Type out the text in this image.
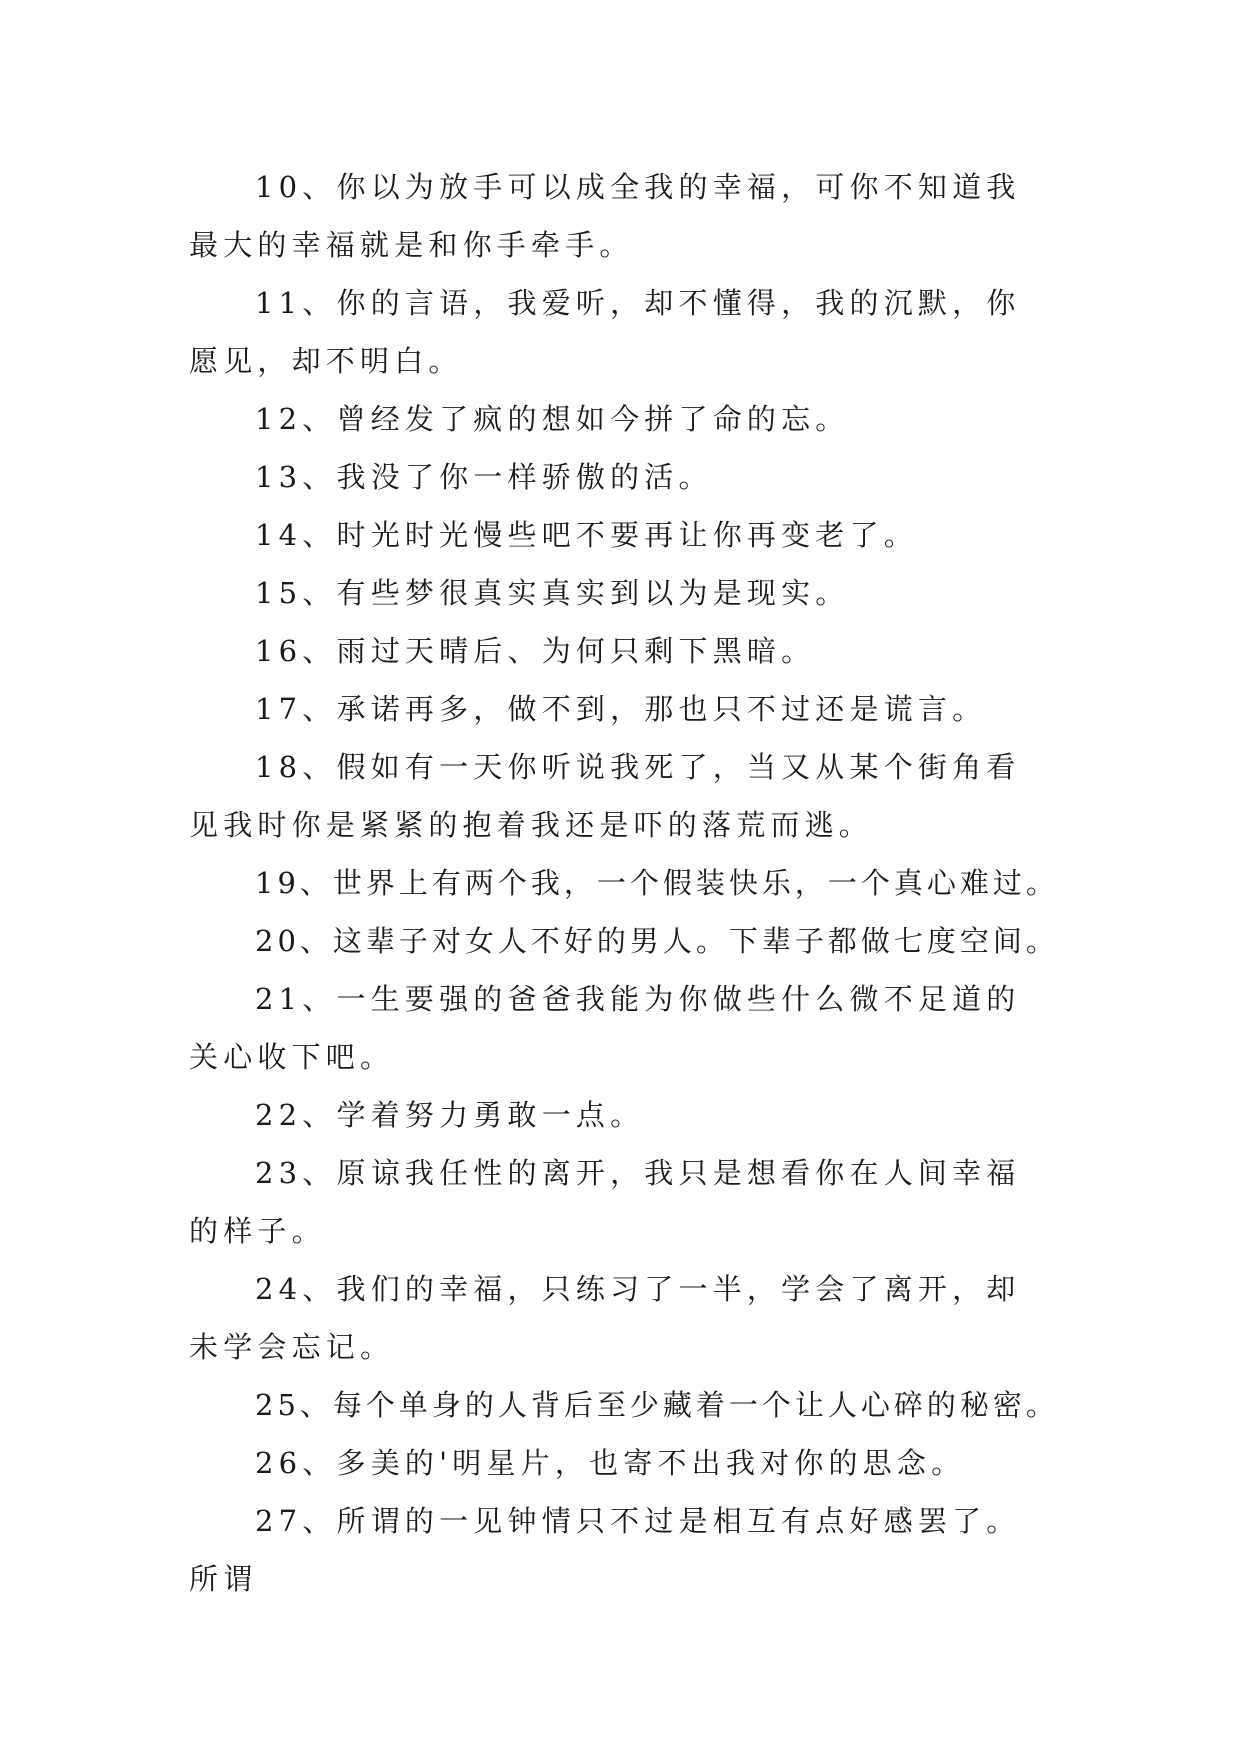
10、你以为放手可以成全我的幸福，可你不知道我最大的幸福就是和你手牵手。

11、你的言语，我爱听，却不懂得，我的沉默，你愿见，却不明白。

12、曾经发了疯的想如今拼了命的忘。

13、我没了你一样骄傲的活。

14、时光时光慢些吧不要再让你再变老了。

15、有些梦很真实真实到以为是现实。

16、雨过天晴后、为何只剩下黑暗。

17、承诺再多，做不到，那也只不过还是谎言。

18、假如有一天你听说我死了，当又从某个街角看见我时你是紧紧的抱着我还是吓的落荒而逃。

19、世界上有两个我，一个假装快乐，一个真心难过。

20、这辈子对女人不好的男人。下辈子都做七度空间。

21、一生要强的爸爸我能为你做些什么微不足道的关心收下吧。

22、学着努力勇敢一点。

23、原谅我任性的离开，我只是想看你在人间幸福的样子。

24、我们的幸福，只练习了一半，学会了离开，却未学会忘记。

25、每个单身的人背后至少藏着一个让人心碎的秘密。

26、多美的'明星片，也寄不出我对你的思念。

27、所谓的一见钟情只不过是相互有点好感罢了。所谓
